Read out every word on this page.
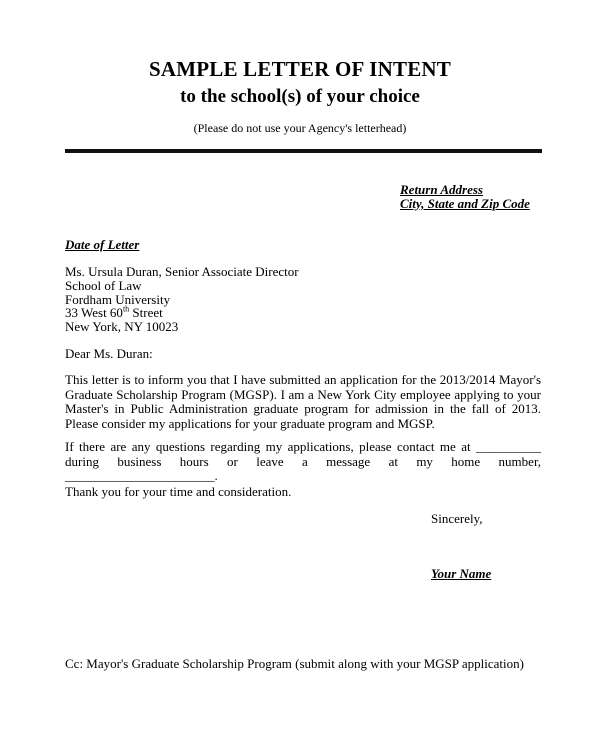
SAMPLE LETTER OF INTENT
to the school(s) of your choice
(Please do not use your Agency's letterhead)
Return Address
City, State and Zip Code
Date of Letter
Ms. Ursula Duran, Senior Associate Director
School of Law
Fordham University
33 West 60th Street
New York, NY 10023
Dear Ms. Duran:
This letter is to inform you that I have submitted an application for the 2013/2014 Mayor's Graduate Scholarship Program (MGSP). I am a New York City employee applying to your Master's in Public Administration graduate program for admission in the fall of 2013. Please consider my applications for your graduate program and MGSP.
If there are any questions regarding my applications, please contact me at __________ during business hours or leave a message at my home number, _______________________.
Thank you for your time and consideration.
Sincerely,
Your Name
Cc: Mayor's Graduate Scholarship Program (submit along with your MGSP application)
